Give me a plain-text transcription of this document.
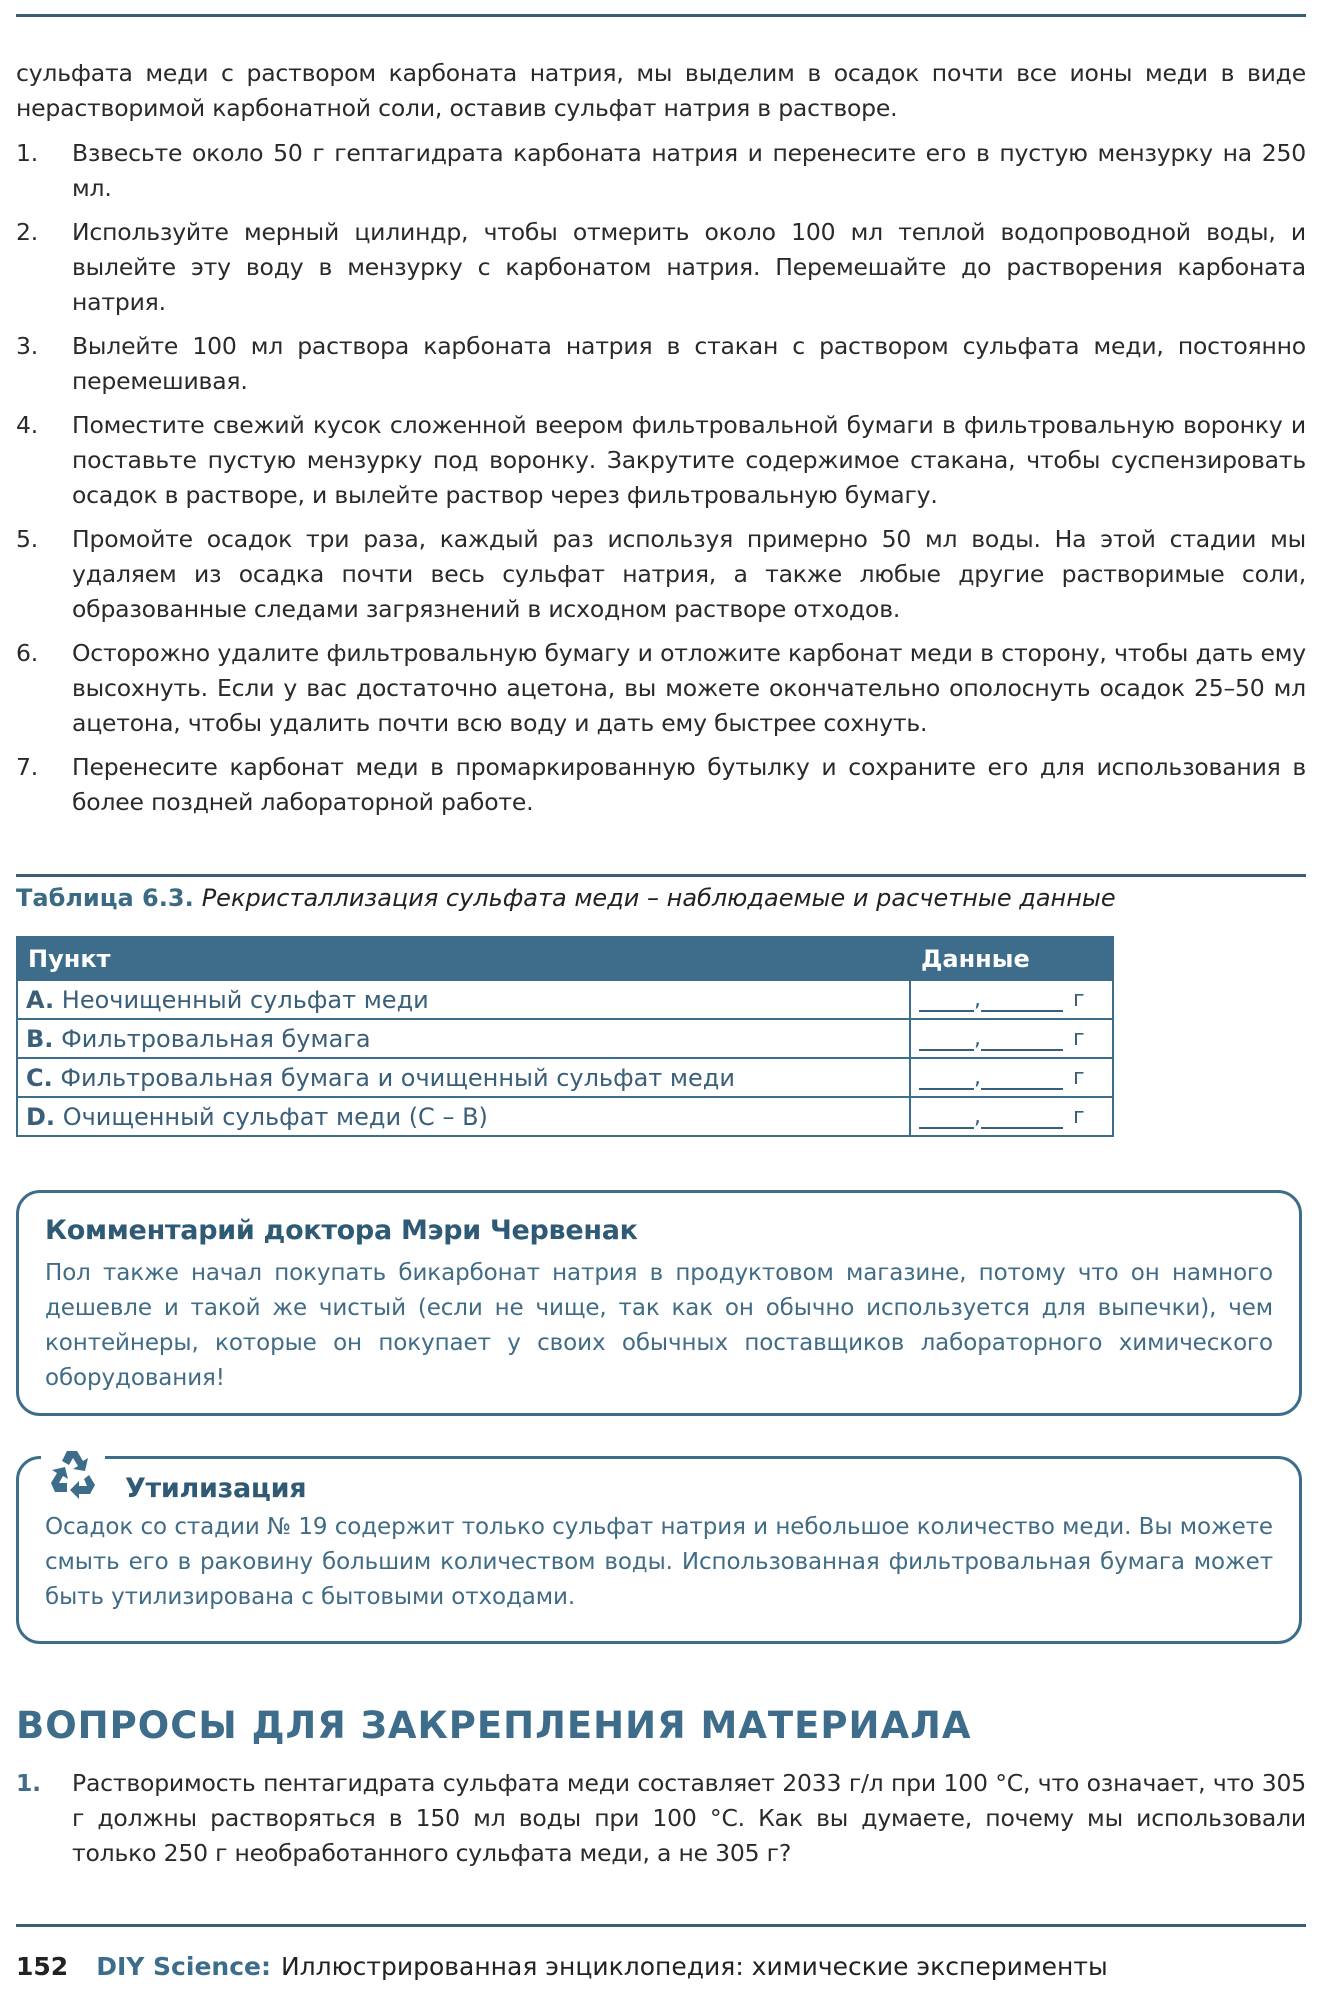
сульфата меди с раствором карбоната натрия, мы выделим в осадок почти все ионы меди в виде нерастворимой карбонатной соли, оставив сульфат натрия в растворе.

1. Взвесьте около 50 г гептагидрата карбоната натрия и перенесите его в пустую мензурку на 250 мл.
2. Используйте мерный цилиндр, чтобы отмерить около 100 мл теплой водопроводной воды, и вылейте эту воду в мензурку с карбонатом натрия. Перемешайте до растворения карбоната натрия.
3. Вылейте 100 мл раствора карбоната натрия в стакан с раствором сульфата меди, постоянно перемешивая.
4. Поместите свежий кусок сложенной веером фильтровальной бумаги в фильтровальную воронку и поставьте пустую мензурку под воронку. Закрутите содержимое стакана, чтобы суспензировать осадок в растворе, и вылейте раствор через фильтровальную бумагу.
5. Промойте осадок три раза, каждый раз используя примерно 50 мл воды. На этой стадии мы удаляем из осадка почти весь сульфат натрия, а также любые другие растворимые соли, образованные следами загрязнений в исходном растворе отходов.
6. Осторожно удалите фильтровальную бумагу и отложите карбонат меди в сторону, чтобы дать ему высохнуть. Если у вас достаточно ацетона, вы можете окончательно ополоснуть осадок 25–50 мл ацетона, чтобы удалить почти всю воду и дать ему быстрее сохнуть.
7. Перенесите карбонат меди в промаркированную бутылку и сохраните его для использования в более поздней лабораторной работе.
Таблица 6.3. Рекристаллизация сульфата меди – наблюдаемые и расчетные данные
Пункт	Данные
A. Неочищенный сульфат меди	, г
B. Фильтровальная бумага	, г
C. Фильтровальная бумага и очищенный сульфат меди	, г
D. Очищенный сульфат меди (C – B)	, г
Комментарий доктора Мэри Червенак
Пол также начал покупать бикарбонат натрия в продуктовом магазине, потому что он намного дешевле и такой же чистый (если не чище, так как он обычно используется для выпечки), чем контейнеры, которые он покупает у своих обычных поставщиков лабораторного химического оборудования!
Утилизация
Осадок со стадии № 19 содержит только сульфат натрия и небольшое количество меди. Вы можете смыть его в раковину большим количеством воды. Использованная фильтровальная бумага может быть утилизирована с бытовыми отходами.
ВОПРОСЫ ДЛЯ ЗАКРЕПЛЕНИЯ МАТЕРИАЛА
1. Растворимость пентагидрата сульфата меди составляет 2033 г/л при 100 °C, что означает, что 305 г должны растворяться в 150 мл воды при 100 °C. Как вы думаете, почему мы использовали только 250 г необработанного сульфата меди, а не 305 г?
152 DIY Science: Иллюстрированная энциклопедия: химические эксперименты
